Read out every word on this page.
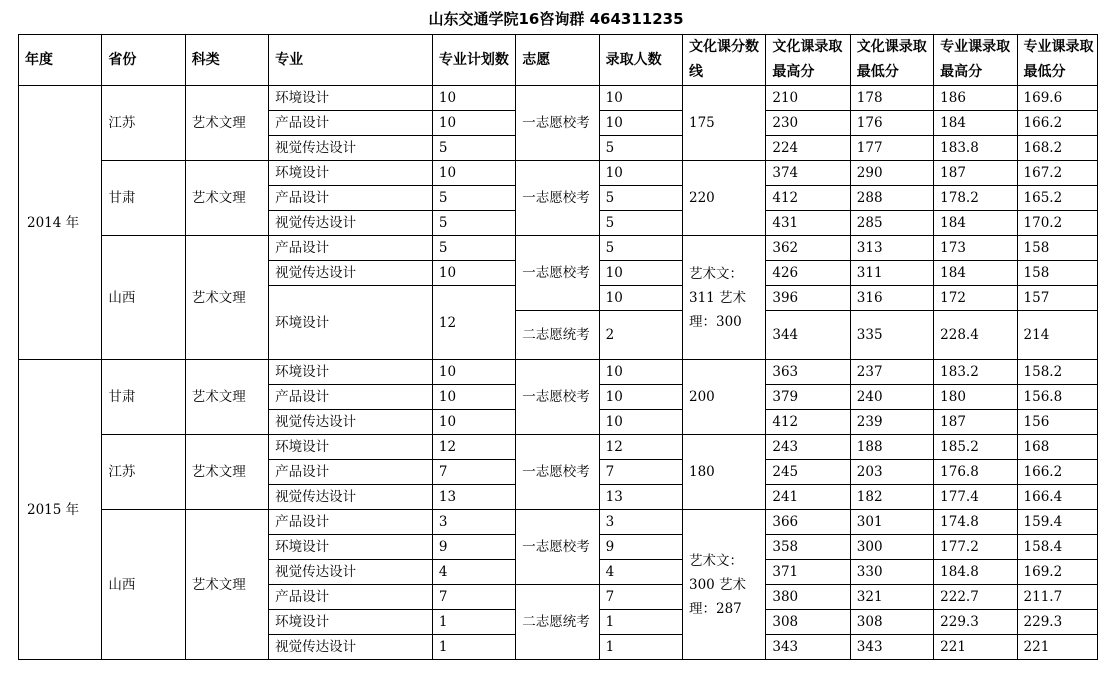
山东交通学院16咨询群 464311235
年度	省份	科类	专业	专业计划数	志愿	录取人数	文化课分数线	文化课录取最高分	文化课录取最低分	专业课录取最高分	专业课录取最低分
2014 年	江苏	艺术文理	环境设计	10	一志愿校考	10	175	210	178	186	169.6
			产品设计	10		10		230	176	184	166.2
			视觉传达设计	5		5		224	177	183.8	168.2
	甘肃	艺术文理	环境设计	10	一志愿校考	10	220	374	290	187	167.2
			产品设计	5		5		412	288	178.2	165.2
			视觉传达设计	5		5		431	285	184	170.2
	山西	艺术文理	产品设计	5	一志愿校考	5	艺术文：311 艺术理：300	362	313	173	158
			视觉传达设计	10		10		426	311	184	158
			环境设计	12		10		396	316	172	157
					二志愿统考	2		344	335	228.4	214
2015 年	甘肃	艺术文理	环境设计	10	一志愿校考	10	200	363	237	183.2	158.2
			产品设计	10		10		379	240	180	156.8
			视觉传达设计	10		10		412	239	187	156
	江苏	艺术文理	环境设计	12	一志愿校考	12	180	243	188	185.2	168
			产品设计	7		7		245	203	176.8	166.2
			视觉传达设计	13		13		241	182	177.4	166.4
	山西	艺术文理	产品设计	3	一志愿校考	3	艺术文：300 艺术理：287	366	301	174.8	159.4
			环境设计	9		9		358	300	177.2	158.4
			视觉传达设计	4		4		371	330	184.8	169.2
			产品设计	7	二志愿统考	7		380	321	222.7	211.7
			环境设计	1		1		308	308	229.3	229.3
			视觉传达设计	1		1		343	343	221	221
